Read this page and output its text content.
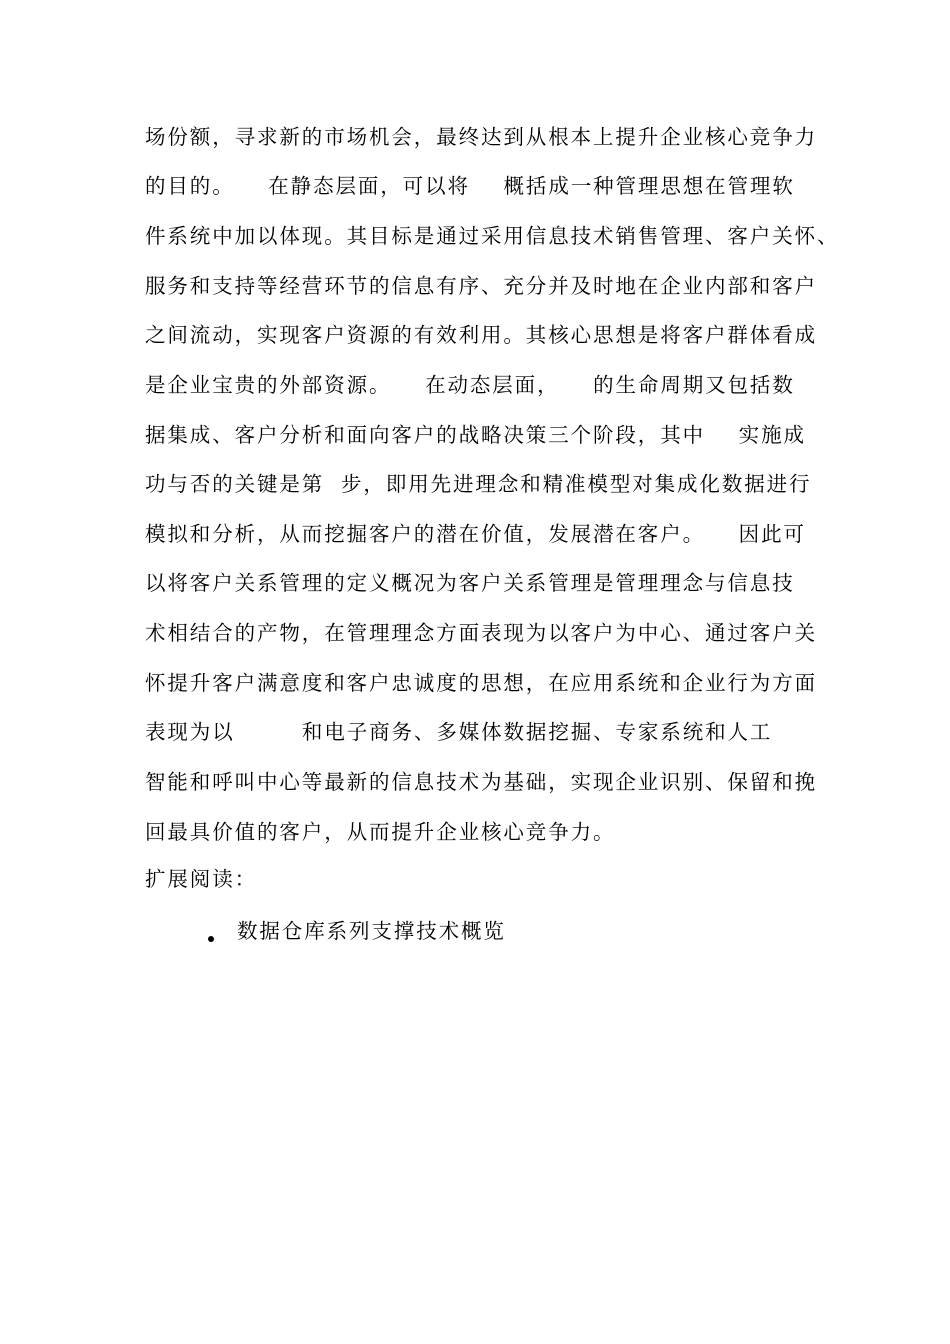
场份额，寻求新的市场机会，最终达到从根本上提升企业核心竞争力
的目的。    在静态层面，可以将    概括成一种管理思想在管理软
件系统中加以体现。其目标是通过采用信息技术销售管理、客户关怀、
服务和支持等经营环节的信息有序、充分并及时地在企业内部和客户
之间流动，实现客户资源的有效利用。其核心思想是将客户群体看成
是企业宝贵的外部资源。    在动态层面，    的生命周期又包括数
据集成、客户分析和面向客户的战略决策三个阶段，其中    实施成
功与否的关键是第  步，即用先进理念和精准模型对集成化数据进行
模拟和分析，从而挖掘客户的潜在价值，发展潜在客户。    因此可
以将客户关系管理的定义概况为客户关系管理是管理理念与信息技
术相结合的产物，在管理理念方面表现为以客户为中心、通过客户关
怀提升客户满意度和客户忠诚度的思想，在应用系统和企业行为方面
表现为以        和电子商务、多媒体数据挖掘、专家系统和人工
智能和呼叫中心等最新的信息技术为基础，实现企业识别、保留和挽
回最具价值的客户，从而提升企业核心竞争力。
扩展阅读：

数据仓库系列支撑技术概览
